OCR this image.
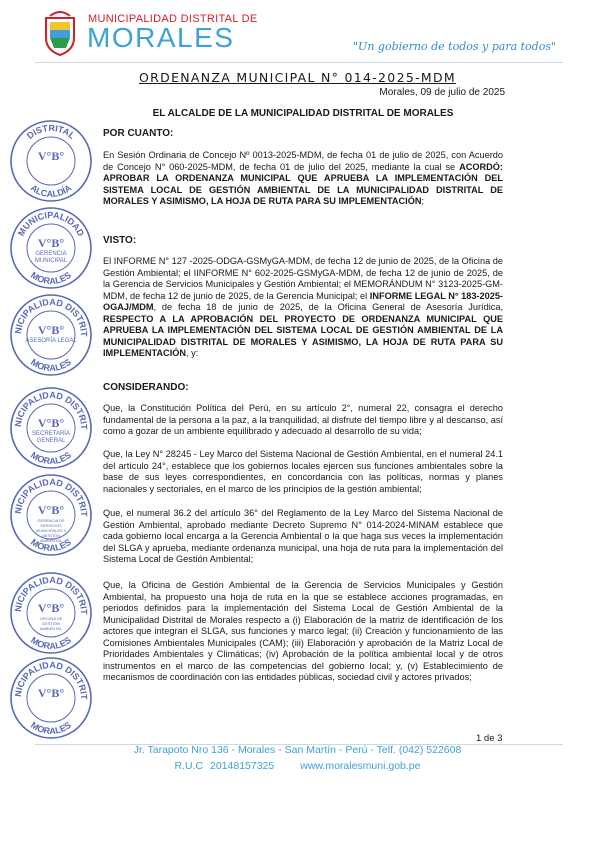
MUNICIPALIDAD DISTRITAL DE
MORALES	"Un gobierno de todos y para todos"
ORDENANZA MUNICIPAL N° 014-2025-MDM
Morales, 09 de julio de 2025
EL ALCALDE DE LA MUNICIPALIDAD DISTRITAL DE MORALES
POR CUANTO:
En Sesión Ordinaria de Concejo Nº 0013-2025-MDM, de fecha 01 de julio de 2025, con Acuerdo de Concejo N° 060-2025-MDM, de fecha 01 de julio del 2025, mediante la cual se ACORDÓ: APROBAR LA ORDENANZA MUNICIPAL QUE APRUEBA LA IMPLEMENTACIÓN DEL SISTEMA LOCAL DE GESTIÓN AMBIENTAL DE LA MUNICIPALIDAD DISTRITAL DE MORALES Y ASIMISMO, LA HOJA DE RUTA PARA SU IMPLEMENTACIÓN;
VISTO:
El INFORME N° 127 -2025-ODGA-GSMyGA-MDM, de fecha 12 de junio de 2025, de la Oficina de Gestión Ambiental; el IINFORME N° 602-2025-GSMyGA-MDM, de fecha 12 de junio de 2025, de la Gerencia de Servicios Municipales y Gestión Ambiental; el MEMORÁNDUM N° 3123-2025-GM-MDM, de fecha 12 de junio de 2025, de la Gerencia Municipal; el INFORME LEGAL N° 183-2025-OGAJ/MDM, de fecha 18 de junio de 2025, de la Oficina General de Asesoría Jurídica, RESPECTO A LA APROBACIÓN DEL PROYECTO DE ORDENANZA MUNICIPAL QUE APRUEBA LA IMPLEMENTACIÓN DEL SISTEMA LOCAL DE GESTIÓN AMBIENTAL DE LA MUNICIPALIDAD DISTRITAL DE MORALES Y ASIMISMO, LA HOJA DE RUTA PARA SU IMPLEMENTACIÓN, y:
CONSIDERANDO:
Que, la Constitución Política del Perú, en su artículo 2°, numeral 22, consagra el derecho fundamental de la persona a la paz, a la tranquilidad, al disfrute del tiempo libre y al descanso, así como a gozar de un ambiente equilibrado y adecuado al desarrollo de su vida;
Que, la Ley N° 28245 - Ley Marco del Sistema Nacional de Gestión Ambiental, en el numeral 24.1 del artículo 24°, establece que los gobiernos locales ejercen sus funciones ambientales sobre la base de sus leyes correspondientes, en concordancia con las políticas, normas y planes nacionales y sectoriales, en el marco de los principios de la gestión ambiental;
Que, el numeral 36.2 del artículo 36° del Reglamento de la Ley Marco del Sistema Nacional de Gestión Ambiental, aprobado mediante Decreto Supremo N° 014-2024-MINAM establece que cada gobierno local encarga a la Gerencia Ambiental o la que haga sus veces la implementación del SLGA y aprueba, mediante ordenanza municipal, una hoja de ruta para la implementación del Sistema Local de Gestión Ambiental;
Que, la Oficina de Gestión Ambiental de la Gerencia de Servicios Municipales y Gestión Ambiental, ha propuesto una hoja de ruta en la que se establece acciones programadas, en periodos definidos para la implementación del Sistema Local de Gestión Ambiental de la Municipalidad Distrital de Morales respecto a (i) Elaboración de la matriz de identificación de los actores que integran el SLGA, sus funciones y marco legal; (ii) Creación y funcionamiento de las Comisiones Ambientales Municipales (CAM); (iii) Elaboración y aprobación de la Matriz Local de Prioridades Ambientales y Climáticas; (iv) Aprobación de la política ambiental local y de otros instrumentos en el marco de las competencias del gobierno local; y, (v) Establecimiento de mecanismos de coordinación con las entidades públicas, sociedad civil y actores privados;
DISTRITAL
ALCALDÍA
V°B°
MUNICIPALIDAD
MORALES
V°B°
GERENCIA
MUNICIPAL
NICIPALIDAD DISTRIT
MORALES
V°B°
ASESORÍA LEGAL
NICIPALIDAD DISTRIT
MORALES
V°B°
SECRETARÍA
GENERAL
NICIPALIDAD DISTRIT
MORALES
V°B°
GERENCIA DE
SERVICIOS
MUNICIPALES Y
GESTIÓN
AMBIENTAL
NICIPALIDAD DISTRIT
MORALES
V°B°
OFICINA DE
GESTIÓN
AMBIENTAL
NICIPALIDAD DISTRIT
MORALES
V°B°
1 de 3
Jr. Tarapoto Nro 136 - Morales - San Martín - Perú - Telf. (042) 522608
R.U.C 20148157325 www.moralesmuni.gob.pe
